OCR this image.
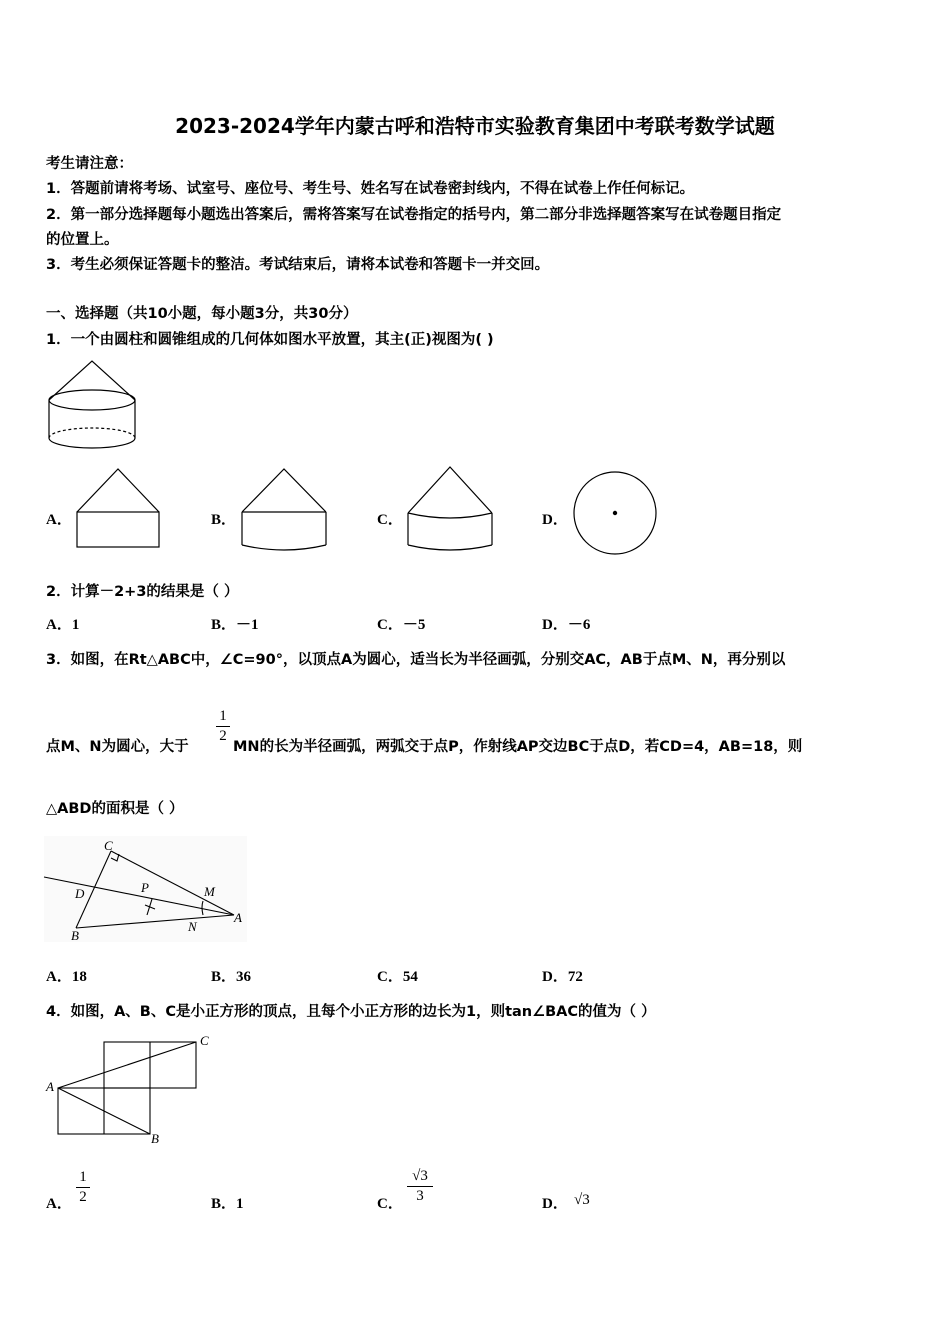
2023-2024学年内蒙古呼和浩特市实验教育集团中考联考数学试题
考生请注意：
1．答题前请将考场、试室号、座位号、考生号、姓名写在试卷密封线内，不得在试卷上作任何标记。
2．第一部分选择题每小题选出答案后，需将答案写在试卷指定的括号内，第二部分非选择题答案写在试卷题目指定
的位置上。
3．考生必须保证答题卡的整洁。考试结束后，请将本试卷和答题卡一并交回。
一、选择题（共10小题，每小题3分，共30分）
1．一个由圆柱和圆锥组成的几何体如图水平放置，其主(正)视图为( )
A．	B．	C．	D．
2．计算－2+3的结果是（ ）
A．1	B．－1	C．－5	D．－6
3．如图，在Rt△ABC中，∠C=90°，以顶点A为圆心，适当长为半径画弧，分别交AC，AB于点M、N，再分别以
点M、N为圆心，大于
1
2
MN的长为半径画弧，两弧交于点P，作射线AP交边BC于点D，若CD=4，AB=18，则
△ABD的面积是（ ）
C
D	P	M
A
N
B
A．18	B．36	C．54	D．72
4．如图，A、B、C是小正方形的顶点，且每个小正方形的边长为1，则tan∠BAC的值为（ ）
A
B
C
A．
1
2	B．1	C．
√3
3	D． √3
